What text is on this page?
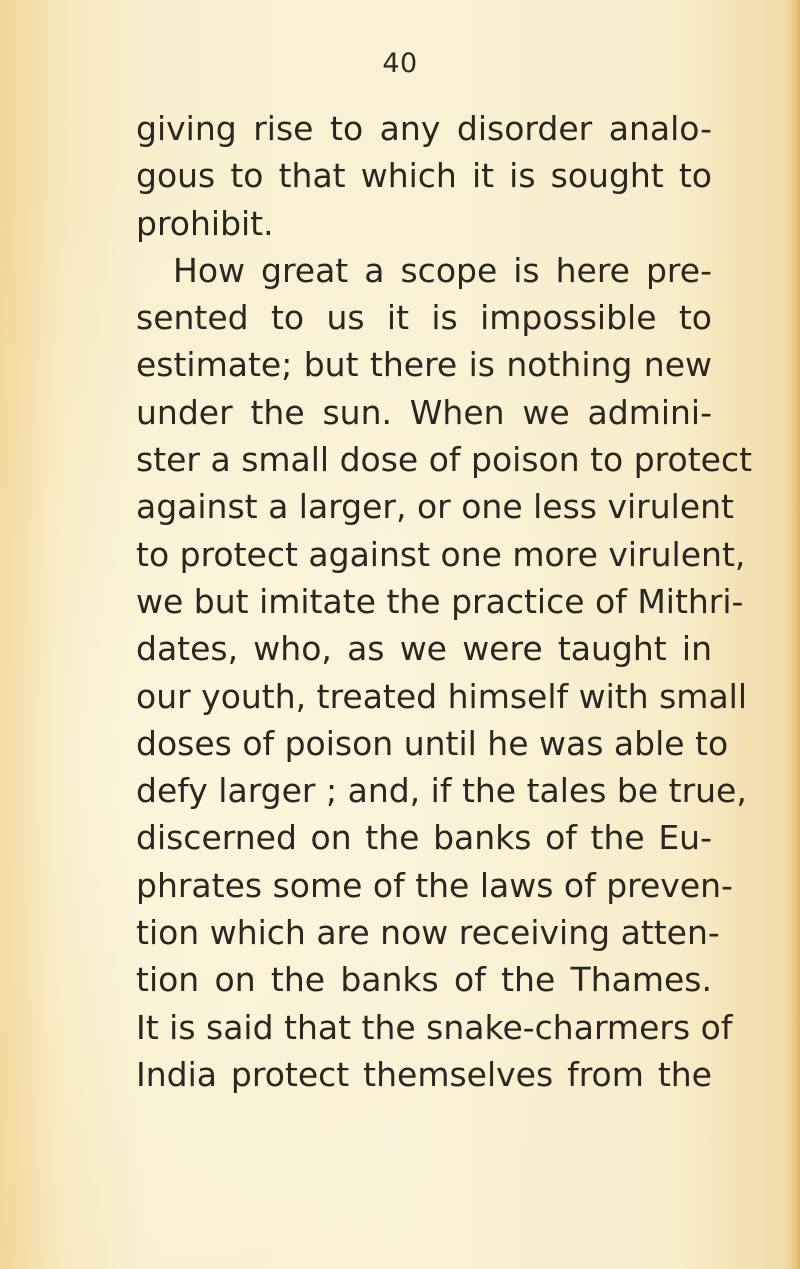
40
giving rise to any disorder analo-
gous to that which it is sought to
prohibit.
How great a scope is here pre-
sented to us it is impossible to
estimate; but there is nothing new
under the sun. When we admini-
ster a small dose of poison to protect
against a larger, or one less virulent
to protect against one more virulent,
we but imitate the practice of Mithri-
dates, who, as we were taught in
our youth, treated himself with small
doses of poison until he was able to
defy larger ; and, if the tales be true,
discerned on the banks of the Eu-
phrates some of the laws of preven-
tion which are now receiving atten-
tion on the banks of the Thames.
It is said that the snake-charmers of
India protect themselves from the
